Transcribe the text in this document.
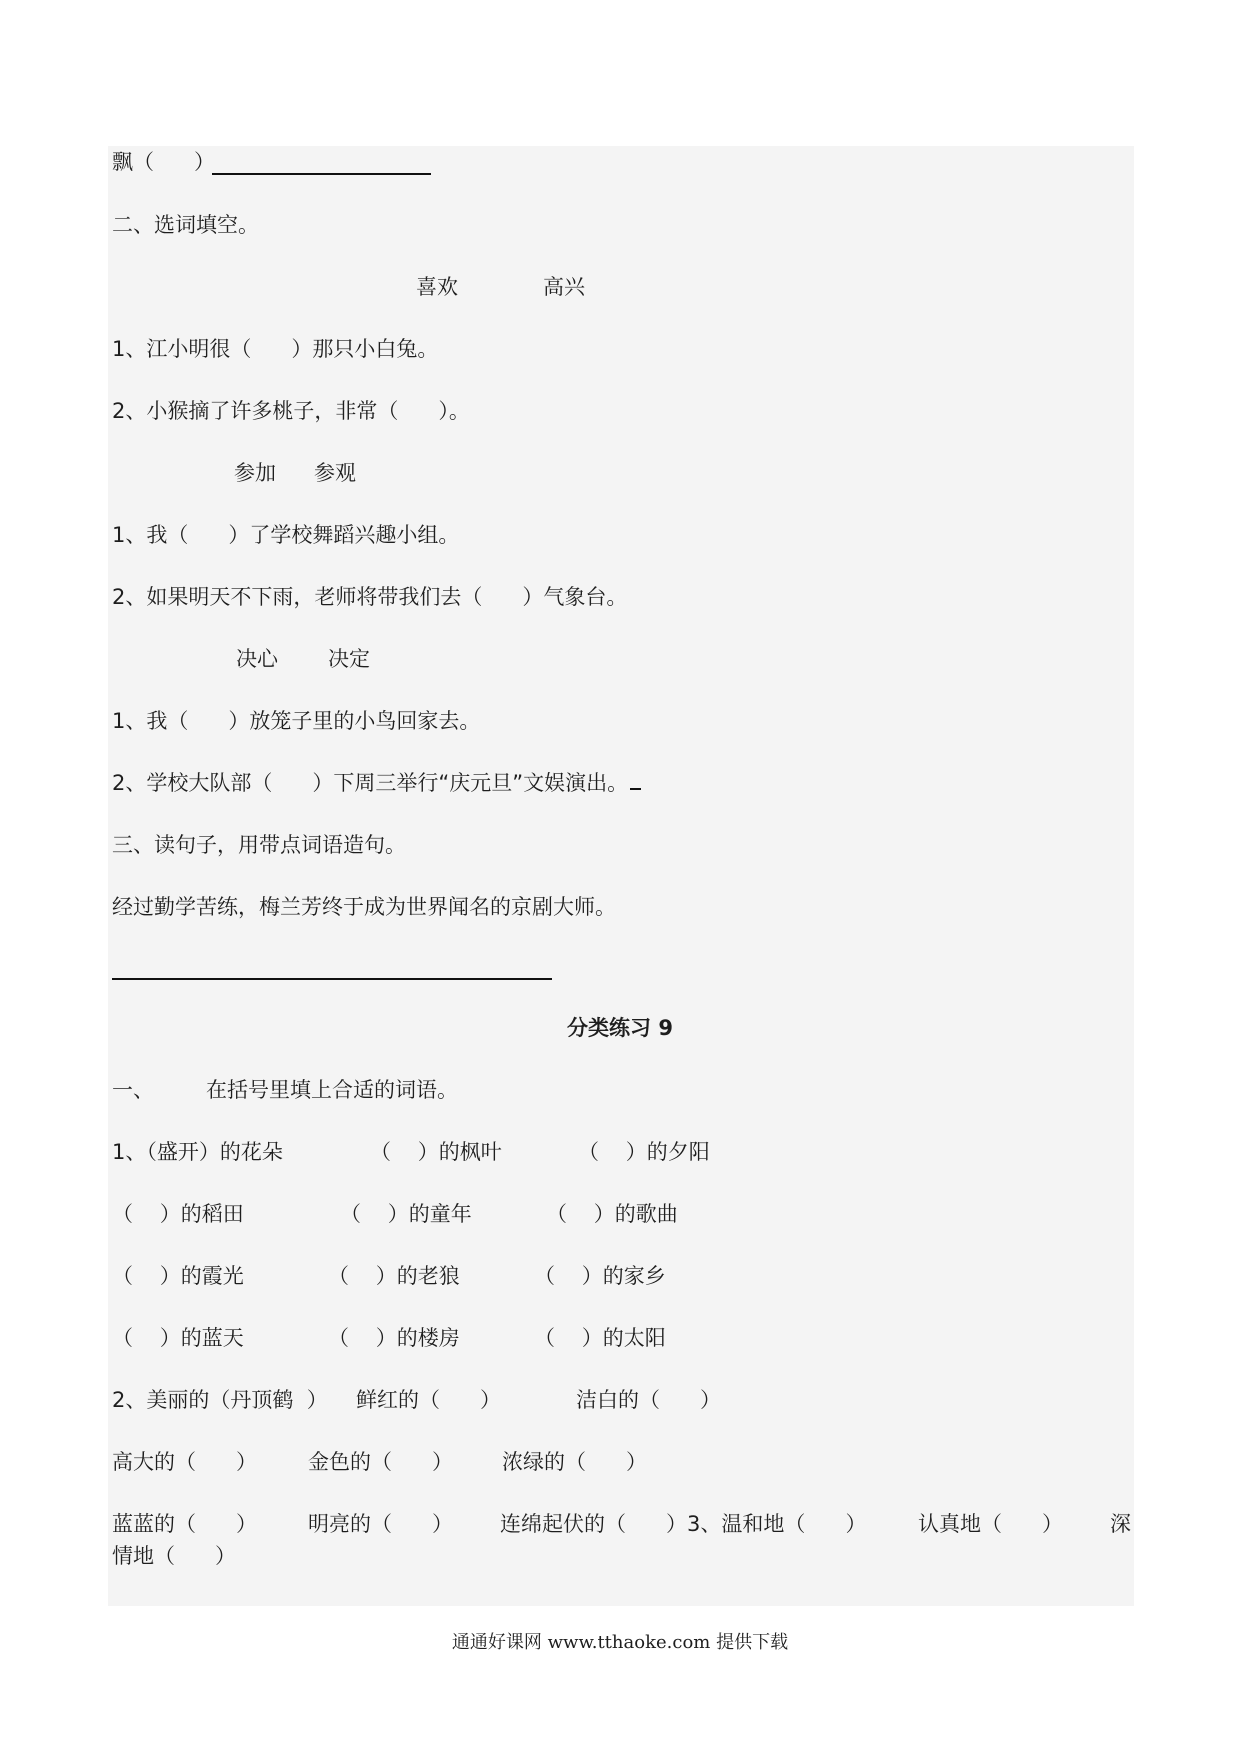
飘（      ）
二、选词填空。
喜欢	高兴
1、江小明很（      ）那只小白兔。
2、小猴摘了许多桃子，非常（      ）。
参加 参观
1、我（      ）了学校舞蹈兴趣小组。
2、如果明天不下雨，老师将带我们去（      ）气象台。
决心 决定
1、我（      ）放笼子里的小鸟回家去。
2、学校大队部（      ）下周三举行“庆元旦”文娱演出。
三、读句子，用带点词语造句。
经过勤学苦练，梅兰芳终于成为世界闻名的京剧大师。
分类练习 9
一、 在括号里填上合适的词语。
1、（盛开）的花朵	（    ）的枫叶	（    ）的夕阳
（    ）的稻田	（    ）的童年	（    ）的歌曲
（    ）的霞光	（    ）的老狼	（    ）的家乡
（    ）的蓝天	（    ）的楼房	（    ）的太阳
2、美丽的（丹顶鹤  ） 鲜红的（      ）	洁白的（      ）
高大的（      ） 金色的（      ） 浓绿的（      ）
蓝蓝的（      ） 明亮的（      ） 连绵起伏的（      ）3、温和地（      ） 认真地（      ） 深
情地（      ）
通通好课网 www.tthaoke.com 提供下载
